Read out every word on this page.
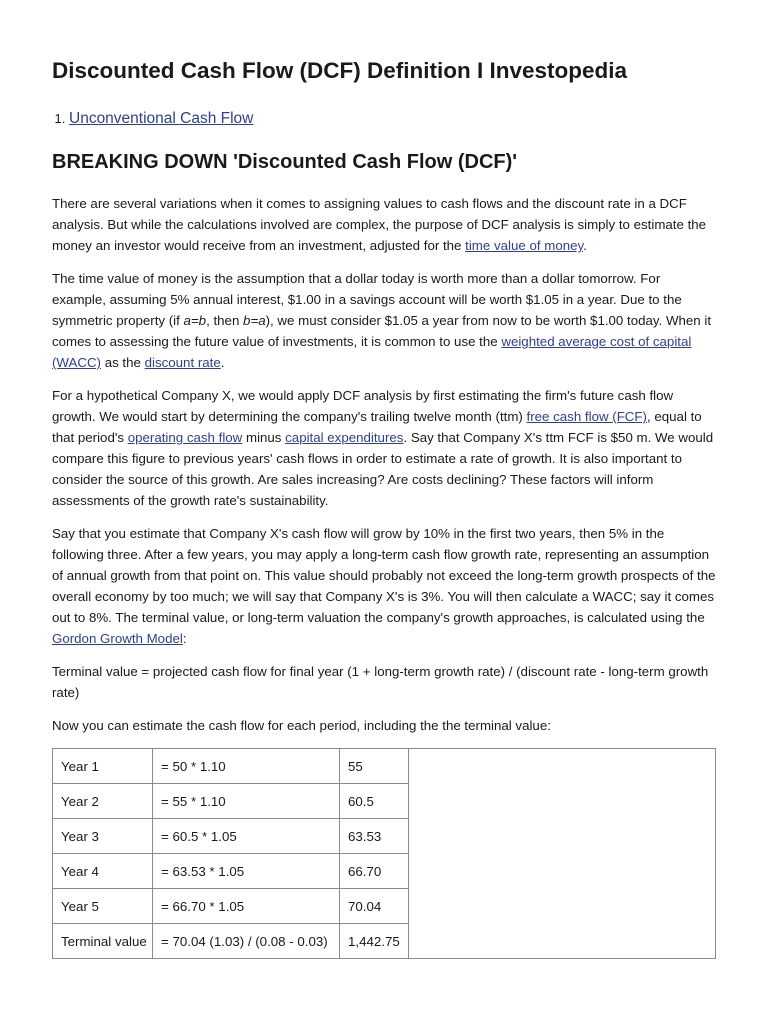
Discounted Cash Flow (DCF) Definition I Investopedia
1. Unconventional Cash Flow
BREAKING DOWN 'Discounted Cash Flow (DCF)'

There are several variations when it comes to assigning values to cash flows and the discount rate in a DCF analysis. But while the calculations involved are complex, the purpose of DCF analysis is simply to estimate the money an investor would receive from an investment, adjusted for the time value of money.

The time value of money is the assumption that a dollar today is worth more than a dollar tomorrow. For example, assuming 5% annual interest, $1.00 in a savings account will be worth $1.05 in a year. Due to the symmetric property (if a=b, then b=a), we must consider $1.05 a year from now to be worth $1.00 today. When it comes to assessing the future value of investments, it is common to use the weighted average cost of capital (WACC) as the discount rate.

For a hypothetical Company X, we would apply DCF analysis by first estimating the firm's future cash flow growth. We would start by determining the company's trailing twelve month (ttm) free cash flow (FCF), equal to that period's operating cash flow minus capital expenditures. Say that Company X's ttm FCF is $50 m. We would compare this figure to previous years' cash flows in order to estimate a rate of growth. It is also important to consider the source of this growth. Are sales increasing? Are costs declining? These factors will inform assessments of the growth rate's sustainability.

Say that you estimate that Company X's cash flow will grow by 10% in the first two years, then 5% in the following three. After a few years, you may apply a long-term cash flow growth rate, representing an assumption of annual growth from that point on. This value should probably not exceed the long-term growth prospects of the overall economy by too much; we will say that Company X's is 3%. You will then calculate a WACC; say it comes out to 8%. The terminal value, or long-term valuation the company's growth approaches, is calculated using the Gordon Growth Model:

Terminal value = projected cash flow for final year (1 + long-term growth rate) / (discount rate - long-term growth rate)

Now you can estimate the cash flow for each period, including the the terminal value:

Year 1	= 50 * 1.10	55	
Year 2	= 55 * 1.10	60.5	
Year 3	= 60.5 * 1.05	63.53	
Year 4	= 63.53 * 1.05	66.70	
Year 5	= 66.70 * 1.05	70.04	
Terminal value	= 70.04 (1.03) / (0.08 - 0.03)	1,442.75	
